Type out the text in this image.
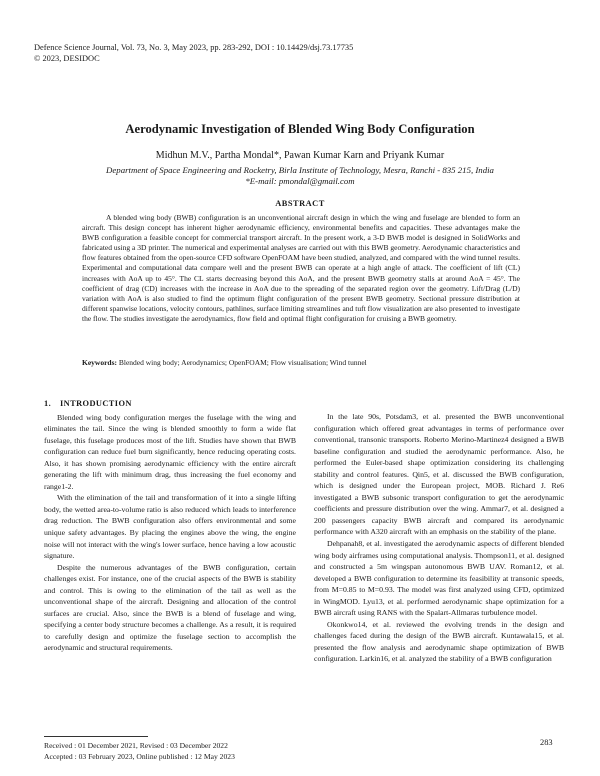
Defence Science Journal, Vol. 73, No. 3, May 2023, pp. 283-292, DOI : 10.14429/dsj.73.17735
© 2023, DESIDOC
Aerodynamic Investigation of Blended Wing Body Configuration
Midhun M.V., Partha Mondal*, Pawan Kumar Karn and Priyank Kumar
Department of Space Engineering and Rocketry, Birla Institute of Technology, Mesra, Ranchi - 835 215, India
*E-mail: pmondal@gmail.com
ABSTRACT

A blended wing body (BWB) configuration is an unconventional aircraft design in which the wing and fuselage are blended to form an aircraft. This design concept has inherent higher aerodynamic efficiency, environmental benefits and capacities. These advantages make the BWB configuration a feasible concept for commercial transport aircraft. In the present work, a 3-D BWB model is designed in SolidWorks and fabricated using a 3D printer. The numerical and experimental analyses are carried out with this BWB geometry. Aerodynamic characteristics and flow features obtained from the open-source CFD software OpenFOAM have been studied, analyzed, and compared with the wind tunnel results. Experimental and computational data compare well and the present BWB can operate at a high angle of attack. The coefficient of lift (CL) increases with AoA up to 45°. The CL starts decreasing beyond this AoA, and the present BWB geometry stalls at around AoA = 45°. The coefficient of drag (CD) increases with the increase in AoA due to the spreading of the separated region over the geometry. Lift/Drag (L/D) variation with AoA is also studied to find the optimum flight configuration of the present BWB geometry. Sectional pressure distribution at different spanwise locations, velocity contours, pathlines, surface limiting streamlines and tuft flow visualization are also presented to investigate the flow. The studies investigate the aerodynamics, flow field and optimal flight configuration for cruising a BWB geometry.

Keywords: Blended wing body; Aerodynamics; OpenFOAM; Flow visualisation; Wind tunnel
1. INTRODUCTION

Blended wing body configuration merges the fuselage with the wing and eliminates the tail. Since the wing is blended smoothly to form a wide flat fuselage, this fuselage produces most of the lift. Studies have shown that BWB configuration can reduce fuel burn significantly, hence reducing operating costs. Also, it has shown promising aerodynamic efficiency with the entire aircraft generating the lift with minimum drag, thus increasing the fuel economy and range1-2.

With the elimination of the tail and transformation of it into a single lifting body, the wetted area-to-volume ratio is also reduced which leads to interference drag reduction. The BWB configuration also offers environmental and some unique safety advantages. By placing the engines above the wing, the engine noise will not interact with the wing's lower surface, hence having a low acoustic signature.

Despite the numerous advantages of the BWB configuration, certain challenges exist. For instance, one of the crucial aspects of the BWB is stability and control. This is owing to the elimination of the tail as well as the unconventional shape of the aircraft. Designing and allocation of the control surfaces are crucial. Also, since the BWB is a blend of fuselage and wing, specifying a center body structure becomes a challenge. As a result, it is required to carefully design and optimize the fuselage section to accomplish the aerodynamic and structural requirements.

In the late 90s, Potsdam3, et al. presented the BWB unconventional configuration which offered great advantages in terms of performance over conventional, transonic transports. Roberto Merino-Martinez4 designed a BWB baseline configuration and studied the aerodynamic performance. Also, he performed the Euler-based shape optimization considering its challenging stability and control features. Qin5, et al. discussed the BWB configuration, which is designed under the European project, MOB. Richard J. Re6 investigated a BWB subsonic transport configuration to get the aerodynamic coefficients and pressure distribution over the wing. Ammar7, et al. designed a 200 passengers capacity BWB aircraft and compared its aerodynamic performance with A320 aircraft with an emphasis on the stability of the plane.

Dehpanah8, et al. investigated the aerodynamic aspects of different blended wing body airframes using computational analysis. Thompson11, et al. designed and constructed a 5m wingspan autonomous BWB UAV. Roman12, et al. developed a BWB configuration to determine its feasibility at transonic speeds, from M=0.85 to M=0.93. The model was first analyzed using CFD, optimized in WingMOD. Lyu13, et al. performed aerodynamic shape optimization for a BWB aircraft using RANS with the Spalart-Allmaras turbulence model.

Okonkwo14, et al. reviewed the evolving trends in the design and challenges faced during the design of the BWB aircraft. Kuntawala15, et al. presented the flow analysis and aerodynamic shape optimization of BWB configuration. Larkin16, et al. analyzed the stability of a BWB configuration

Received : 01 December 2021, Revised : 03 December 2022
Accepted : 03 February 2023, Online published : 12 May 2023
283
